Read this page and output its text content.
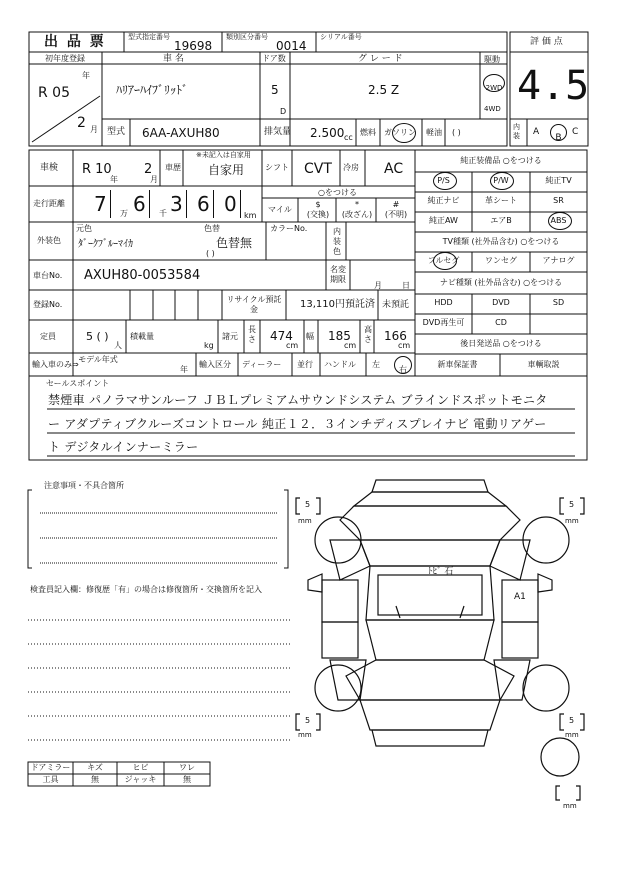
出 品 票	型式指定番号
19698
類別区分番号
0014
シリアル番号	評 価 点
4.5
初年度登録
年
R 05
2 月
車 名
ﾊﾘｱｰﾊｲﾌﾞﾘｯﾄﾞ
ドア数
5
D
グ レ ー ド
2.5 Z
駆動
2WD
4WD
型式 6AA-AXUH80	排気量 2.500 cc
燃料 ガソリン 軽油 ( )
内装	A
B
C
車検 R 10
年
2
月
車歴
※未記入は自家用
自家用	シフト CVT 冷房 AC
走行距離 7 6 3 6 0
万	千	km
○をつける
マイル
$
(交換)
*
(改ざん)
#
(不明)
外装色
元色
ﾀﾞｰｸﾌﾞﾙｰﾏｲｶ
色替
色替無
( )
カラーNo.	内装色
車台No. AXUH80-0053584	名変期限
月	日
登録No.
リサイクル預託金	13,110円預託済 未預託
定員	5 ( )
人
積載量
kg
諸元
長さ 474
cm
幅 185
cm
高さ 166
cm
輸入車のみ⇒
モデル年式
年
輸入区分 ディーラー 並行 ハンドル 左
右
純正装備品 ○をつける
P/S	P/W	純正TV
純正ナビ	革シート	SR
純正AW	エアB	ABS
フルセグ	ワンセグ	アナログ
HDD	DVD	SD
DVD再生可	CD
TV種類 (社外品含む) ○をつける
ナビ種類 (社外品含む) ○をつける
後日発送品 ○をつける
新車保証書	車輌取説
セールスポイント
禁煙車 パノラマサンルーフ ＪＢＬプレミアムサウンドシステム ブラインドスポットモニタ
ー アダプティブクルーズコントロール 純正１２．３インチディスプレイナビ 電動リアゲー
ト デジタルインナーミラー
注意事項・不具合箇所
検査員記入欄：修復歴「有」の場合は修復箇所・交換箇所を記入
ドアミラー	キズ	ヒビ	ワレ
工具	無	ジャッキ	無
5
mm
5
mm
5
mm
5
mm
mm
ﾄﾋﾞ 石
A1
